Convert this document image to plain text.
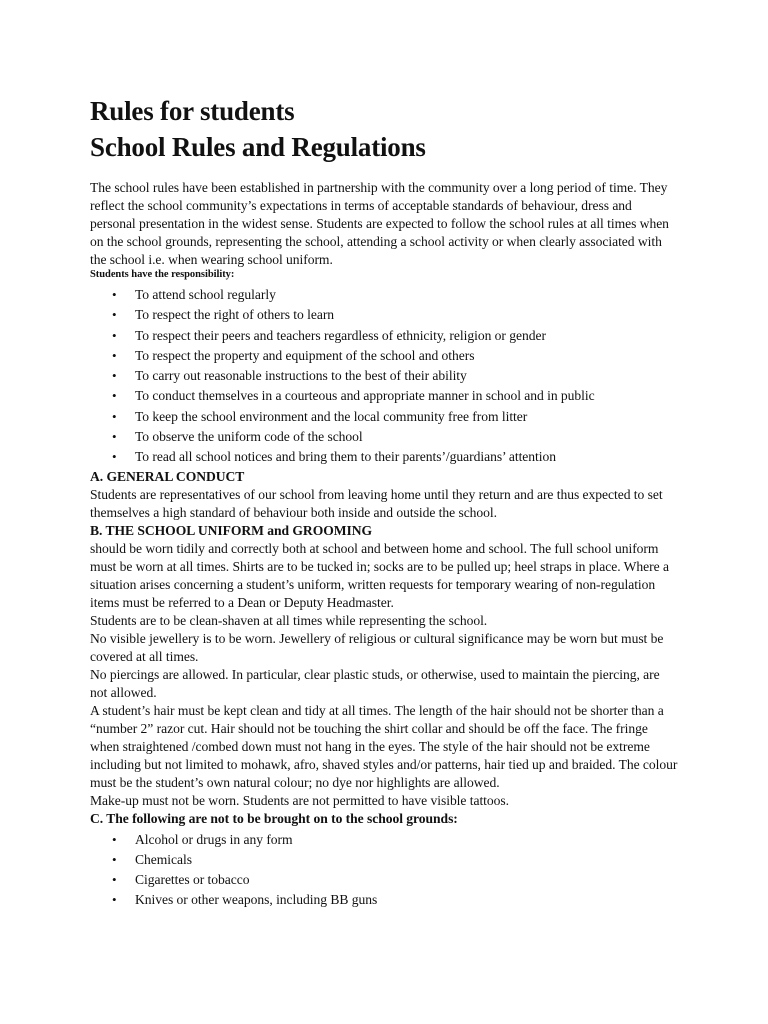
Rules for students
School Rules and Regulations

The school rules have been established in partnership with the community over a long period of time. They reflect the school community’s expectations in terms of acceptable standards of behaviour, dress and personal presentation in the widest sense. Students are expected to follow the school rules at all times when on the school grounds, representing the school, attending a school activity or when clearly associated with the school i.e. when wearing school uniform.

Students have the responsibility:

• To attend school regularly
• To respect the right of others to learn
• To respect their peers and teachers regardless of ethnicity, religion or gender
• To respect the property and equipment of the school and others
• To carry out reasonable instructions to the best of their ability
• To conduct themselves in a courteous and appropriate manner in school and in public
• To keep the school environment and the local community free from litter
• To observe the uniform code of the school
• To read all school notices and bring them to their parents’/guardians’ attention

A. GENERAL CONDUCT

Students are representatives of our school from leaving home until they return and are thus expected to set themselves a high standard of behaviour both inside and outside the school.

B. THE SCHOOL UNIFORM and GROOMING

should be worn tidily and correctly both at school and between home and school. The full school uniform must be worn at all times. Shirts are to be tucked in; socks are to be pulled up; heel straps in place. Where a situation arises concerning a student’s uniform, written requests for temporary wearing of non-regulation items must be referred to a Dean or Deputy Headmaster.

Students are to be clean-shaven at all times while representing the school.

No visible jewellery is to be worn. Jewellery of religious or cultural significance may be worn but must be covered at all times.

No piercings are allowed. In particular, clear plastic studs, or otherwise, used to maintain the piercing, are not allowed.

A student’s hair must be kept clean and tidy at all times. The length of the hair should not be shorter than a “number 2” razor cut. Hair should not be touching the shirt collar and should be off the face. The fringe when straightened /combed down must not hang in the eyes. The style of the hair should not be extreme including but not limited to mohawk, afro, shaved styles and/or patterns, hair tied up and braided. The colour must be the student’s own natural colour; no dye nor highlights are allowed.

Make-up must not be worn. Students are not permitted to have visible tattoos.

C. The following are not to be brought on to the school grounds:

• Alcohol or drugs in any form
• Chemicals
• Cigarettes or tobacco
• Knives or other weapons, including BB guns
